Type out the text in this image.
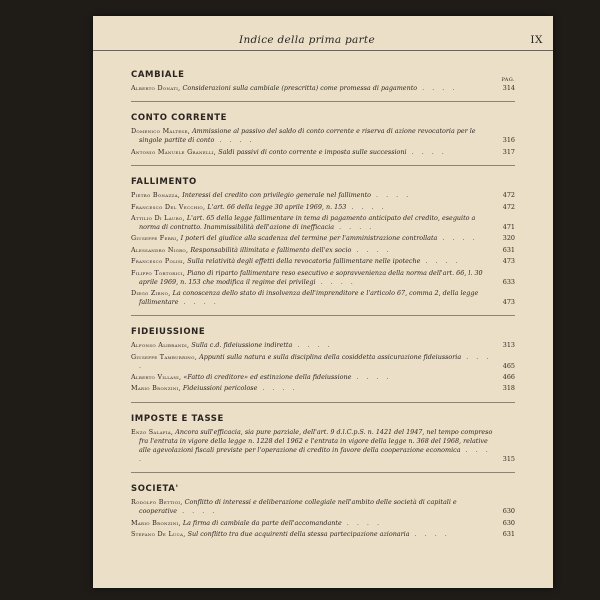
Indice della prima parte	IX
CAMBIALE	PAG.
Alberto Donati, Considerazioni sulla cambiale (prescritta) come promessa di pagamento . . . .	314
CONTO CORRENTE
Domenico Maltese, Ammissione al passivo del saldo di conto corrente e riserva di azione revocatoria per le singole partite di conto . . . .	316
Antonio Manuele Granelli, Saldi passivi di conto corrente e imposta sulle successioni . . . .	317
FALLIMENTO
Pietro Bonazza, Interessi del credito con privilegio generale nel fallimento . . . .	472
Francesco Del Vecchio, L'art. 66 della legge 30 aprile 1969, n. 153 . . . .	472
Attilio Di Lauro, L'art. 65 della legge fallimentare in tema di pagamento anticipato del credito, eseguito a norma di contratto. Inammissibilità dell'azione di inefficacia . . . .	471
Giuseppe Ferri, I poteri del giudice alla scadenza del termine per l'amministrazione controllata . . . .	320
Alessandro Nigro, Responsabilità illimitata e fallimento dell'ex socio . . . .	631
Francesco Polisi, Sulla relatività degli effetti della revocatoria fallimentare nelle ipoteche . . . .	473
Filippo Tortorici, Piano di riparto fallimentare reso esecutivo e sopravvenienza della norma dell'art. 66, l. 30 aprile 1969, n. 153 che modifica il regime dei privilegi . . . .	633
Diego Zirno, La conoscenza dello stato di insolvenza dell'imprenditore e l'articolo 67, comma 2, della legge fallimentare . . . .	473
FIDEIUSSIONE
Alfonso Alibrandi, Sulla c.d. fideiussione indiretta . . . .	313
Giuseppe Tamburrino, Appunti sulla natura e sulla disciplina della cosiddetta assicurazione fideiussoria . . . .	465
Alberto Villani, «Fatto di creditore» ed estinzione della fideiussione . . . .	466
Mario Bronzini, Fideiussioni pericolose . . . .	318
IMPOSTE E TASSE
Enzo Salafia, Ancora sull'efficacia, sia pure parziale, dell'art. 9 d.l.C.p.S. n. 1421 del 1947, nel tempo compreso fra l'entrata in vigore della legge n. 1228 del 1962 e l'entrata in vigore della legge n. 368 del 1968, relative alle agevolazioni fiscali previste per l'operazione di credito in favore della cooperazione economica . . . .	315
SOCIETA'
Rodolfo Bettioi, Conflitto di interessi e deliberazione collegiale nell'ambito delle società di capitali e cooperative . . . .	630
Mario Bronzini, La firma di cambiale da parte dell'accomandante . . . .	630
Stefano De Luca, Sul conflitto tra due acquirenti della stessa partecipazione azionaria . . . .	631
